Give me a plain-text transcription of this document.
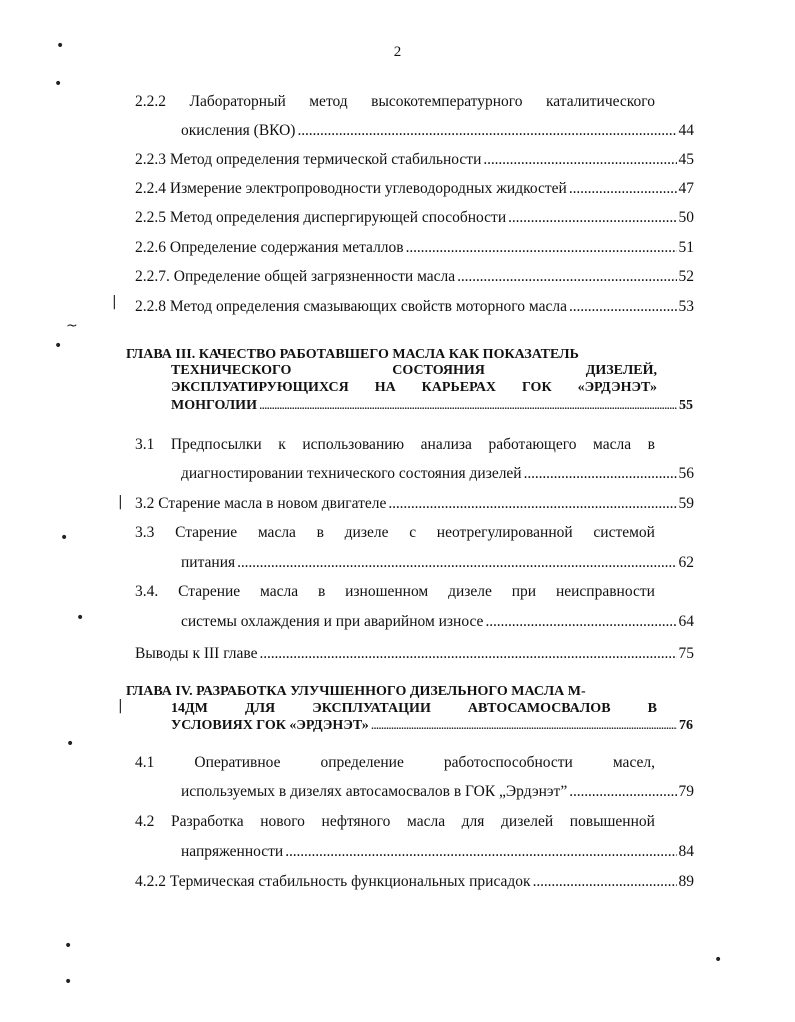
2
2.2.2 Лабораторный метод высокотемпературного каталитического
окисления (ВКО) . . .	44
2.2.3 Метод определения термической стабильности . . .	45
2.2.4 Измерение электропроводности углеводородных жидкостей . . .	47
2.2.5 Метод определения диспергирующей способности . . .	50
2.2.6 Определение содержания металлов . . .	51
2.2.7. Определение общей загрязненности масла . . .	52
2.2.8 Метод определения смазывающих свойств моторного масла . . .	53
ГЛАВА III. КАЧЕСТВО РАБОТАВШЕГО МАСЛА КАК ПОКАЗАТЕЛЬ
ТЕХНИЧЕСКОГО	СОСТОЯНИЯ	ДИЗЕЛЕЙ,
ЭКСПЛУАТИРУЮЩИХСЯ НА КАРЬЕРАХ ГОК «ЭРДЭНЭТ»
МОНГОЛИИ .....	55
3.1 Предпосылки к использованию анализа работающего масла в
диагностировании технического состояния дизелей . . .	56
3.2 Старение масла в новом двигателе . . .	59
3.3 Старение масла в дизеле с неотрегулированной системой
питания . . .	62
3.4. Старение масла в изношенном дизеле при неисправности
системы охлаждения и при аварийном износе . . .	64
Выводы к III главе . . .	75
ГЛАВА IV. РАЗРАБОТКА УЛУЧШЕННОГО ДИЗЕЛЬНОГО МАСЛА М-
14ДМ	ДЛЯ	ЭКСПЛУАТАЦИИ	АВТОСАМОСВАЛОВ	В
УСЛОВИЯХ ГОК «ЭРДЭНЭТ» .....	76
4.1	Оперативное	определение	работоспособности	масел,
используемых в дизелях автосамосвалов в ГОК „Эрдэнэт” . . .	79
4.2 Разработка нового нефтяного масла для дизелей повышенной
напряженности . . .	84
4.2.2 Термическая стабильность функциональных присадок . . .	89
•
•
|
~
•
|
•
•
|
•
•
•
•
